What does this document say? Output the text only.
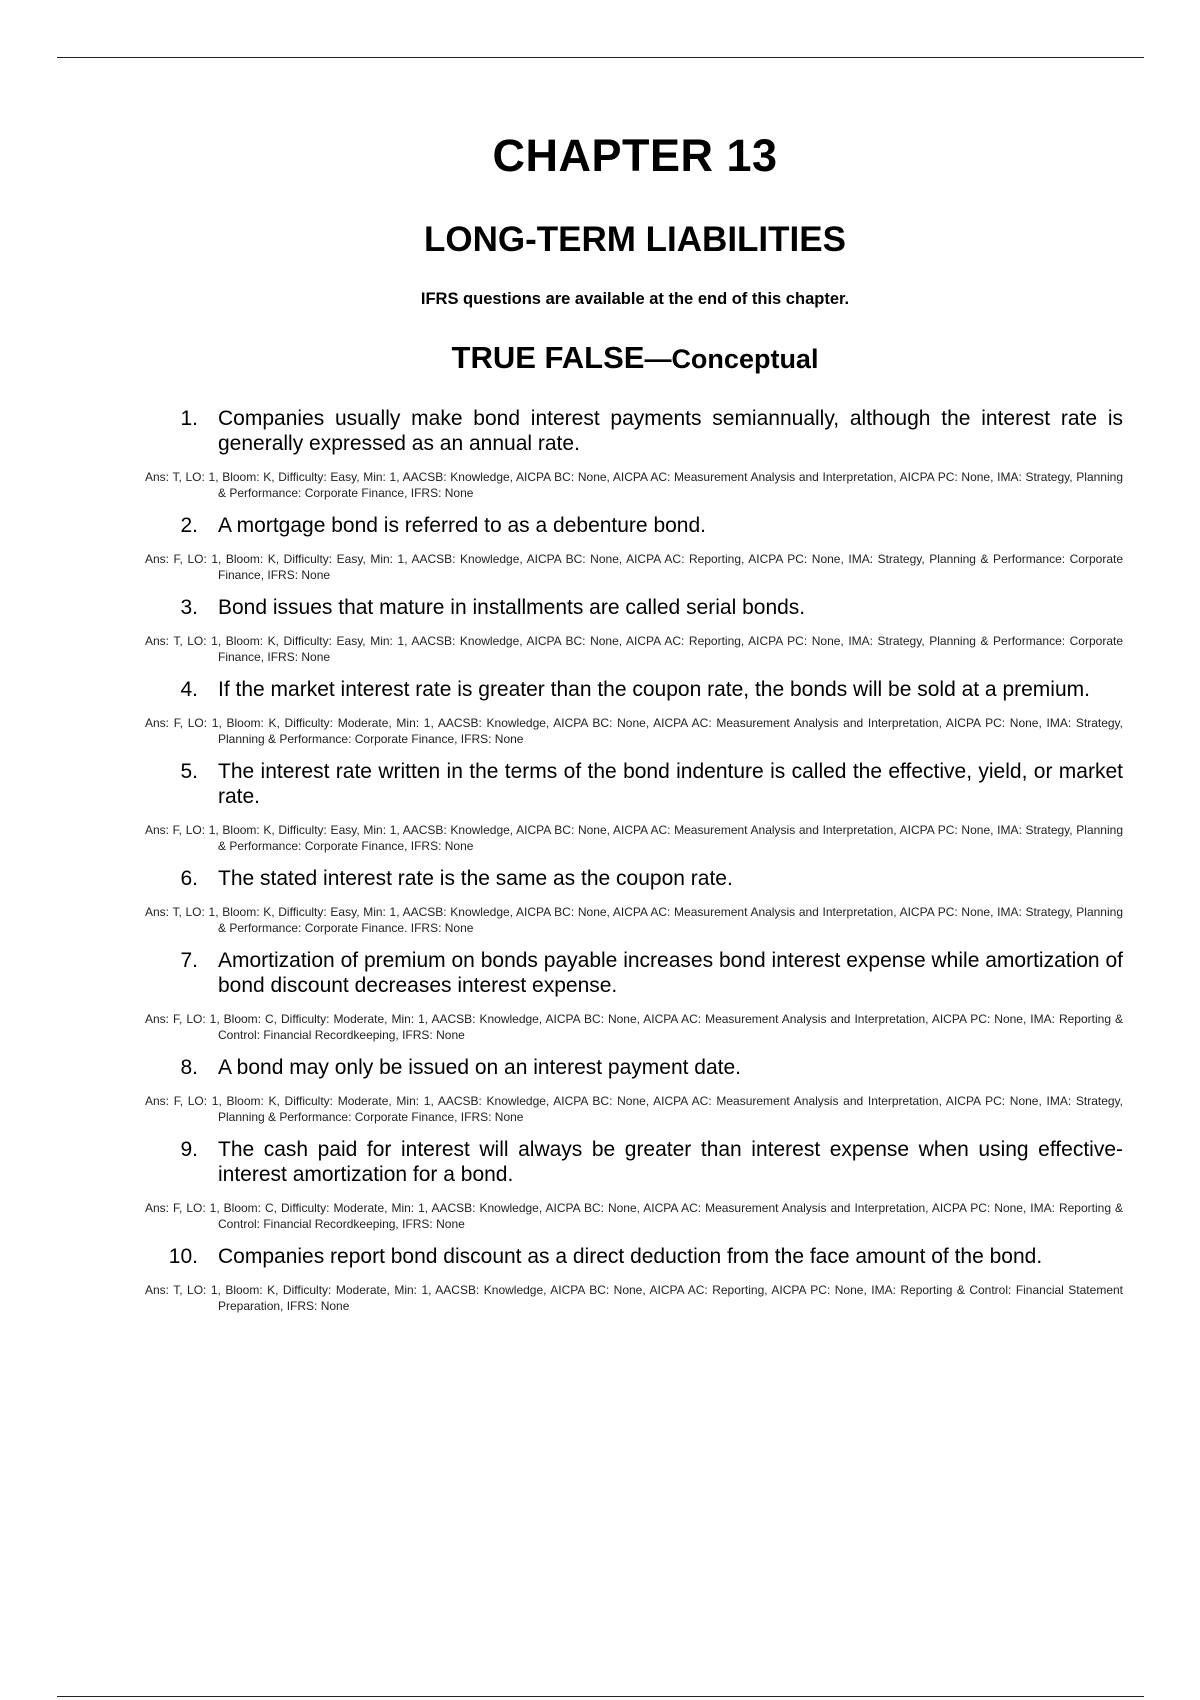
CHAPTER 13
LONG-TERM LIABILITIES
IFRS questions are available at the end of this chapter.
TRUE FALSE—Conceptual
1. Companies usually make bond interest payments semiannually, although the interest rate is generally expressed as an annual rate.
Ans: T, LO: 1, Bloom: K, Difficulty: Easy, Min: 1, AACSB: Knowledge, AICPA BC: None, AICPA AC: Measurement Analysis and Interpretation, AICPA PC: None, IMA: Strategy, Planning & Performance: Corporate Finance, IFRS: None
2. A mortgage bond is referred to as a debenture bond.
Ans: F, LO: 1, Bloom: K, Difficulty: Easy, Min: 1, AACSB: Knowledge, AICPA BC: None, AICPA AC: Reporting, AICPA PC: None, IMA: Strategy, Planning & Performance: Corporate Finance, IFRS: None
3. Bond issues that mature in installments are called serial bonds.
Ans: T, LO: 1, Bloom: K, Difficulty: Easy, Min: 1, AACSB: Knowledge, AICPA BC: None, AICPA AC: Reporting, AICPA PC: None, IMA: Strategy, Planning & Performance: Corporate Finance, IFRS: None
4. If the market interest rate is greater than the coupon rate, the bonds will be sold at a premium.
Ans: F, LO: 1, Bloom: K, Difficulty: Moderate, Min: 1, AACSB: Knowledge, AICPA BC: None, AICPA AC: Measurement Analysis and Interpretation, AICPA PC: None, IMA: Strategy, Planning & Performance: Corporate Finance, IFRS: None
5. The interest rate written in the terms of the bond indenture is called the effective, yield, or market rate.
Ans: F, LO: 1, Bloom: K, Difficulty: Easy, Min: 1, AACSB: Knowledge, AICPA BC: None, AICPA AC: Measurement Analysis and Interpretation, AICPA PC: None, IMA: Strategy, Planning & Performance: Corporate Finance, IFRS: None
6. The stated interest rate is the same as the coupon rate.
Ans: T, LO: 1, Bloom: K, Difficulty: Easy, Min: 1, AACSB: Knowledge, AICPA BC: None, AICPA AC: Measurement Analysis and Interpretation, AICPA PC: None, IMA: Strategy, Planning & Performance: Corporate Finance. IFRS: None
7. Amortization of premium on bonds payable increases bond interest expense while amortization of bond discount decreases interest expense.
Ans: F, LO: 1, Bloom: C, Difficulty: Moderate, Min: 1, AACSB: Knowledge, AICPA BC: None, AICPA AC: Measurement Analysis and Interpretation, AICPA PC: None, IMA: Reporting & Control: Financial Recordkeeping, IFRS: None
8. A bond may only be issued on an interest payment date.
Ans: F, LO: 1, Bloom: K, Difficulty: Moderate, Min: 1, AACSB: Knowledge, AICPA BC: None, AICPA AC: Measurement Analysis and Interpretation, AICPA PC: None, IMA: Strategy, Planning & Performance: Corporate Finance, IFRS: None
9. The cash paid for interest will always be greater than interest expense when using effective-interest amortization for a bond.
Ans: F, LO: 1, Bloom: C, Difficulty: Moderate, Min: 1, AACSB: Knowledge, AICPA BC: None, AICPA AC: Measurement Analysis and Interpretation, AICPA PC: None, IMA: Reporting & Control: Financial Recordkeeping, IFRS: None
10. Companies report bond discount as a direct deduction from the face amount of the bond.
Ans: T, LO: 1, Bloom: K, Difficulty: Moderate, Min: 1, AACSB: Knowledge, AICPA BC: None, AICPA AC: Reporting, AICPA PC: None, IMA: Reporting & Control: Financial Statement Preparation, IFRS: None
